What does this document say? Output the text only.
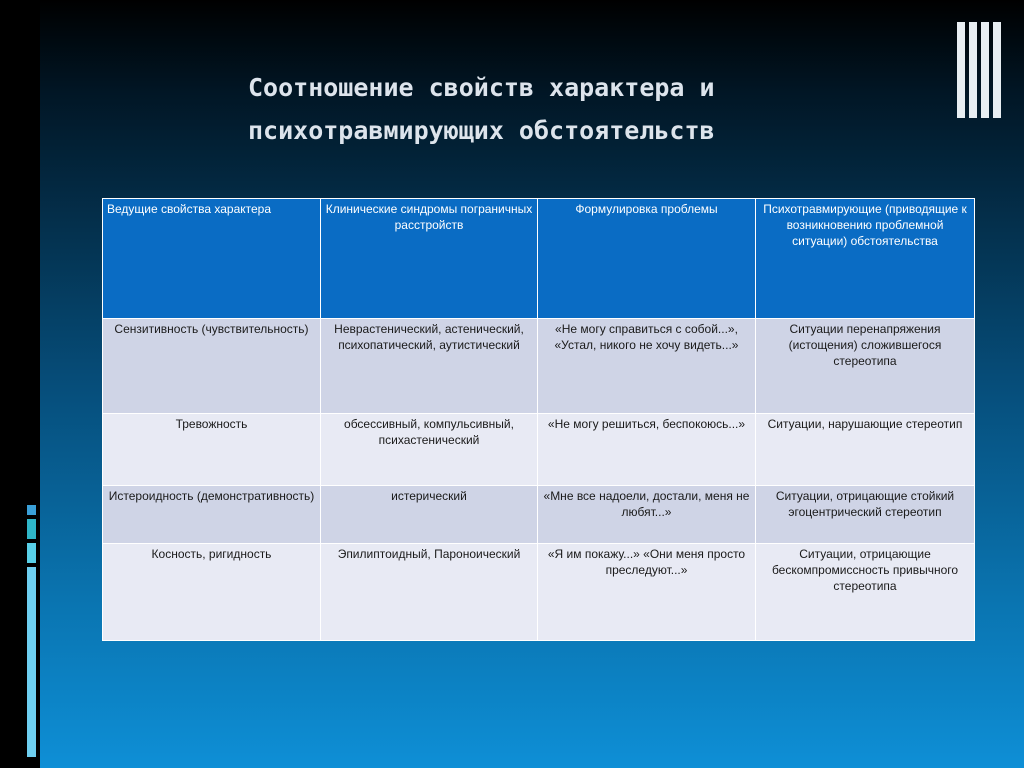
Соотношение свойств характера и
психотравмирующих обстоятельств
Ведущие свойства характера	Клинические синдромы пограничных расстройств	Формулировка проблемы	Психотравмирующие (приводящие к возникновению проблемной ситуации) обстоятельства
Сензитивность (чувствительность)	Неврастенический, астенический, психопатический, аутистический	«Не могу справиться с собой...», «Устал, никого не хочу видеть...»	Ситуации перенапряжения (истощения) сложившегося стереотипа
Тревожность	обсессивный, компульсивный, психастенический	«Не могу решиться, беспокоюсь...»	Ситуации, нарушающие стереотип
Истероидность (демонстративность)	истерический	«Мне все надоели, достали, меня не любят...»	Ситуации, отрицающие стойкий эгоцентрический стереотип
Косность, ригидность	Эпилиптоидный, Пароноический	«Я им покажу...» «Они меня просто преследуют...»	Ситуации, отрицающие бескомпромиссность привычного стереотипа
